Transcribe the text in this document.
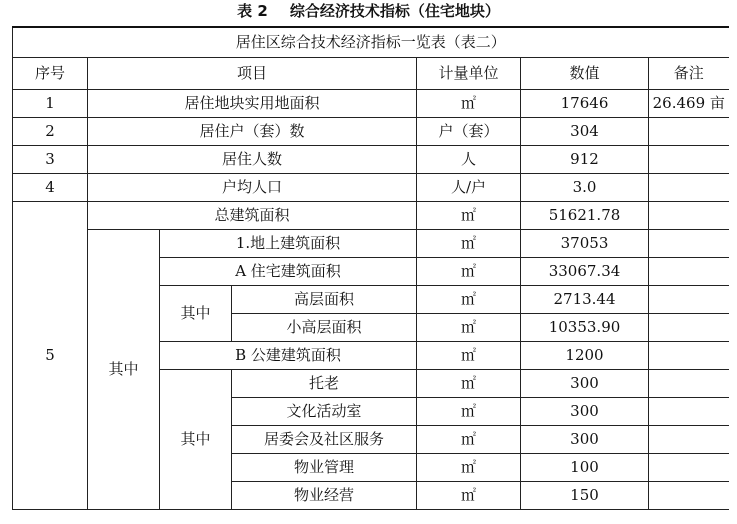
表 2 综合经济技术指标（住宅地块）
居住区综合技术经济指标一览表（表二）						
序号	项目			计量单位	数值	备注
1	居住地块实用地面积			㎡	17646	26.469 亩
2	居住户（套）数			户（套）	304	
3	居住人数			人	912	
4	户均人口			人/户	3.0	
5	总建筑面积			㎡	51621.78	
	其中	1.地上建筑面积		㎡	37053	
		A 住宅建筑面积		㎡	33067.34	
		其中	高层面积	㎡	2713.44	
			小高层面积	㎡	10353.90	
		B 公建建筑面积		㎡	1200	
		其中	托老	㎡	300	
			文化活动室	㎡	300	
			居委会及社区服务	㎡	300	
			物业管理	㎡	100	
			物业经营	㎡	150	
